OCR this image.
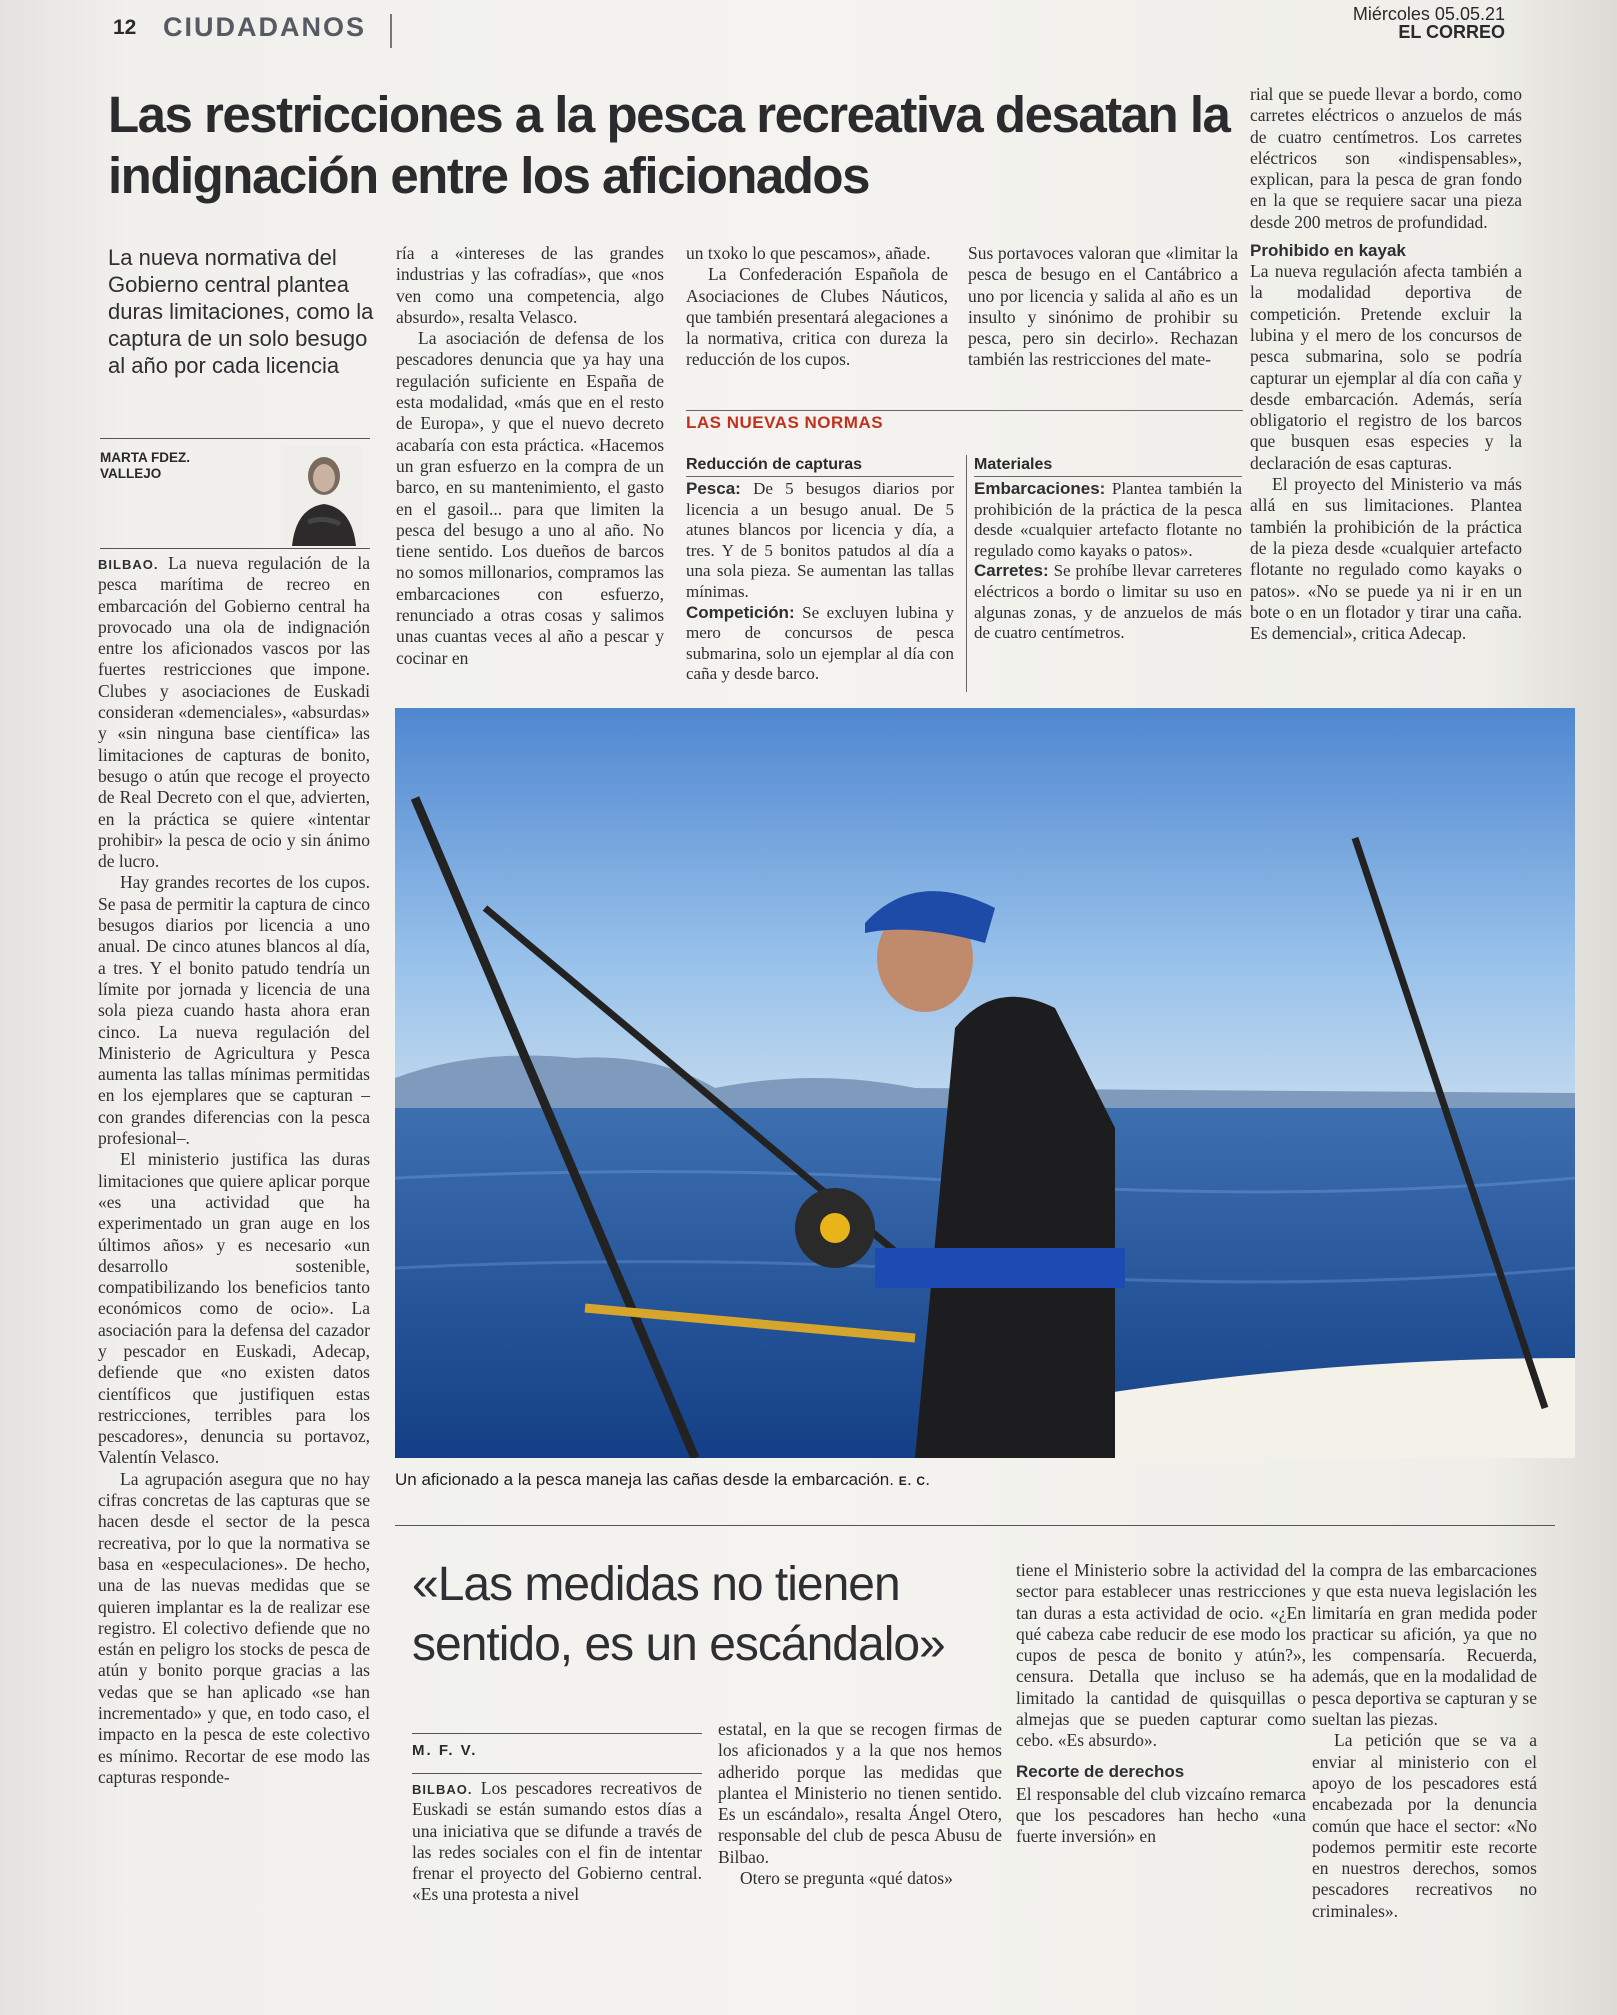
12 CIUDADANOS	Miércoles 05.05.21
EL CORREO
Las restricciones a la pesca recreativa desatan la indignación entre los aficionados
La nueva normativa del Gobierno central plantea duras limitaciones, como la captura de un solo besugo al año por cada licencia
MARTA FDEZ. VALLEJO

BILBAO. La nueva regulación de la pesca marítima de recreo en embarcación del Gobierno central ha provocado una ola de indignación entre los aficionados vascos por las fuertes restricciones que impone. Clubes y asociaciones de Euskadi consideran «demenciales», «absurdas» y «sin ninguna base científica» las limitaciones de capturas de bonito, besugo o atún que recoge el proyecto de Real Decreto con el que, advierten, en la práctica se quiere «intentar prohibir» la pesca de ocio y sin ánimo de lucro.

Hay grandes recortes de los cupos. Se pasa de permitir la captura de cinco besugos diarios por licencia a uno anual. De cinco atunes blancos al día, a tres. Y el bonito patudo tendría un límite por jornada y licencia de una sola pieza cuando hasta ahora eran cinco. La nueva regulación del Ministerio de Agricultura y Pesca aumenta las tallas mínimas permitidas en los ejemplares que se capturan –con grandes diferencias con la pesca profesional–.

El ministerio justifica las duras limitaciones que quiere aplicar porque «es una actividad que ha experimentado un gran auge en los últimos años» y es necesario «un desarrollo sostenible, compatibilizando los beneficios tanto económicos como de ocio». La asociación para la defensa del cazador y pescador en Euskadi, Adecap, defiende que «no existen datos científicos que justifiquen estas restricciones, terribles para los pescadores», denuncia su portavoz, Valentín Velasco.

La agrupación asegura que no hay cifras concretas de las capturas que se hacen desde el sector de la pesca recreativa, por lo que la normativa se basa en «especulaciones». De hecho, una de las nuevas medidas que se quieren implantar es la de realizar ese registro. El colectivo defiende que no están en peligro los stocks de pesca de atún y bonito porque gracias a las vedas que se han aplicado «se han incrementado» y que, en todo caso, el impacto en la pesca de este colectivo es mínimo. Recortar de ese modo las capturas responde-

ría a «intereses de las grandes industrias y las cofradías», que «nos ven como una competencia, algo absurdo», resalta Velasco.

La asociación de defensa de los pescadores denuncia que ya hay una regulación suficiente en España de esta modalidad, «más que en el resto de Europa», y que el nuevo decreto acabaría con esta práctica. «Hacemos un gran esfuerzo en la compra de un barco, en su mantenimiento, el gasto en el gasoil... para que limiten la pesca del besugo a uno al año. No tiene sentido. Los dueños de barcos no somos millonarios, compramos las embarcaciones con esfuerzo, renunciado a otras cosas y salimos unas cuantas veces al año a pescar y cocinar en

un txoko lo que pescamos», añade.

La Confederación Española de Asociaciones de Clubes Náuticos, que también presentará alegaciones a la normativa, critica con dureza la reducción de los cupos.

Sus portavoces valoran que «limitar la pesca de besugo en el Cantábrico a uno por licencia y salida al año es un insulto y sinónimo de prohibir su pesca, pero sin decirlo». Rechazan también las restricciones del mate-

rial que se puede llevar a bordo, como carretes eléctricos o anzuelos de más de cuatro centímetros. Los carretes eléctricos son «indispensables», explican, para la pesca de gran fondo en la que se requiere sacar una pieza desde 200 metros de profundidad.

Prohibido en kayak

La nueva regulación afecta también a la modalidad deportiva de competición. Pretende excluir la lubina y el mero de los concursos de pesca submarina, solo se podría capturar un ejemplar al día con caña y desde embarcación. Además, sería obligatorio el registro de los barcos que busquen esas especies y la declaración de esas capturas.

El proyecto del Ministerio va más allá en sus limitaciones. Plantea también la prohibición de la práctica de la pieza desde «cualquier artefacto flotante no regulado como kayaks o patos». «No se puede ya ni ir en un bote o en un flotador y tirar una caña. Es demencial», critica Adecap.

LAS NUEVAS NORMAS
Reducción de capturas
Pesca: De 5 besugos diarios por licencia a un besugo anual. De 5 atunes blancos por licencia y día, a tres. Y de 5 bonitos patudos al día a una sola pieza. Se aumentan las tallas mínimas.
Competición: Se excluyen lubina y mero de concursos de pesca submarina, solo un ejemplar al día con caña y desde barco.
Materiales
Embarcaciones: Plantea también la prohibición de la práctica de la pesca desde «cualquier artefacto flotante no regulado como kayaks o patos».
Carretes: Se prohíbe llevar carreteres eléctricos a bordo o limitar su uso en algunas zonas, y de anzuelos de más de cuatro centímetros.
Un aficionado a la pesca maneja las cañas desde la embarcación. E. C.
«Las medidas no tienen sentido, es un escándalo»
M. F. V.

BILBAO. Los pescadores recreativos de Euskadi se están sumando estos días a una iniciativa que se difunde a través de las redes sociales con el fin de intentar frenar el proyecto del Gobierno central. «Es una protesta a nivel

estatal, en la que se recogen firmas de los aficionados y a la que nos hemos adherido porque las medidas que plantea el Ministerio no tienen sentido. Es un escándalo», resalta Ángel Otero, responsable del club de pesca Abusu de Bilbao.

Otero se pregunta «qué datos»

tiene el Ministerio sobre la actividad del sector para establecer unas restricciones tan duras a esta actividad de ocio. «¿En qué cabeza cabe reducir de ese modo los cupos de pesca de bonito y atún?», censura. Detalla que incluso se ha limitado la cantidad de quisquillas o almejas que se pueden capturar como cebo. «Es absurdo».

Recorte de derechos

El responsable del club vizcaíno remarca que los pescadores han hecho «una fuerte inversión» en

la compra de las embarcaciones y que esta nueva legislación les limitaría en gran medida poder practicar su afición, ya que no les compensaría. Recuerda, además, que en la modalidad de pesca deportiva se capturan y se sueltan las piezas.

La petición que se va a enviar al ministerio con el apoyo de los pescadores está encabezada por la denuncia común que hace el sector: «No podemos permitir este recorte en nuestros derechos, somos pescadores recreativos no criminales».
